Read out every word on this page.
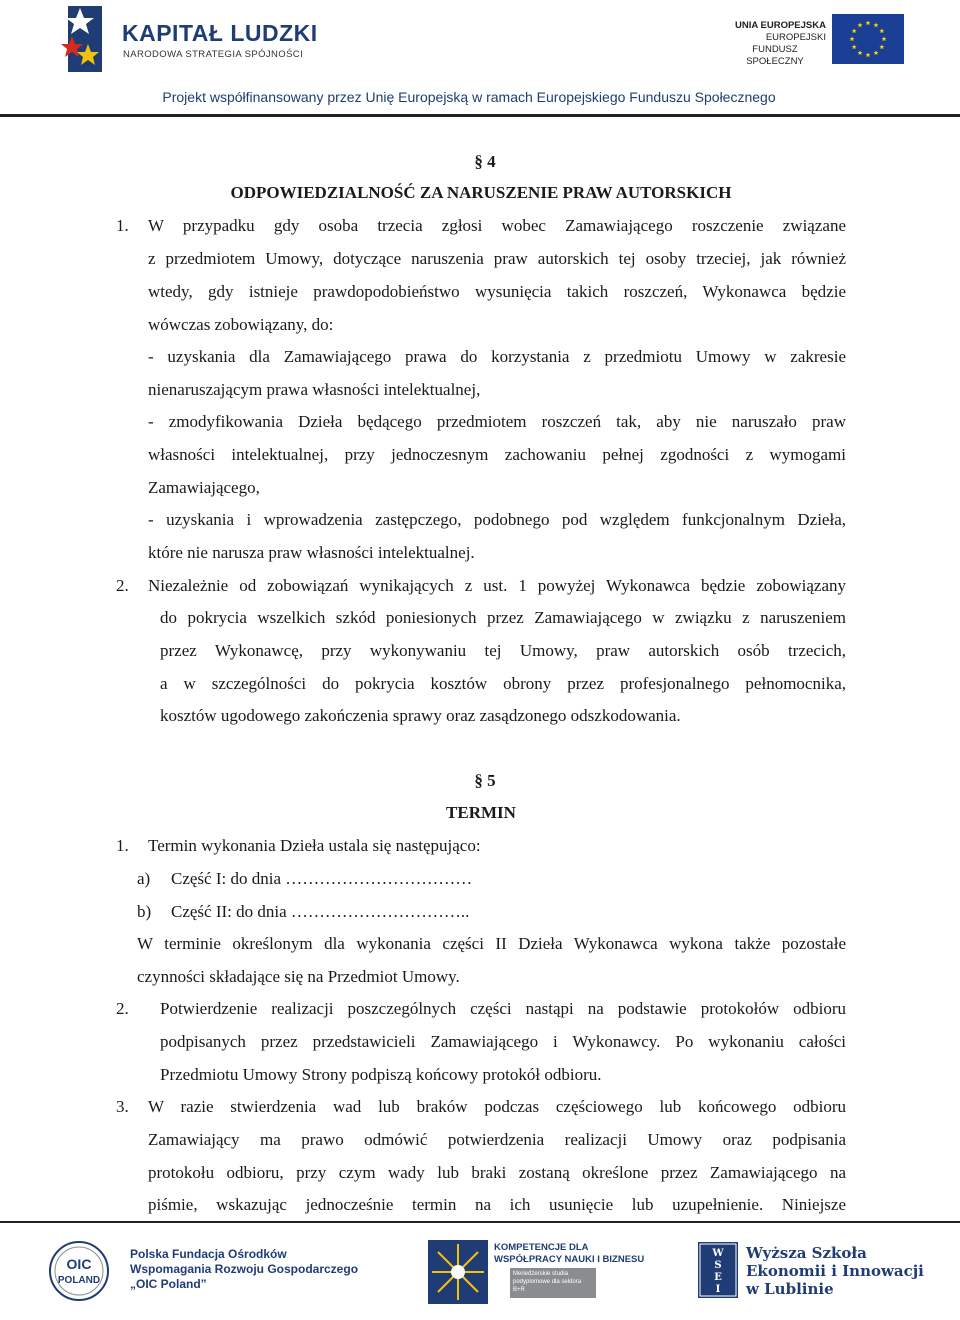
KAPITAŁ LUDZKI
NARODOWA STRATEGIA SPÓJNOŚCI
UNIA EUROPEJSKA
EUROPEJSKI
FUNDUSZ SPOŁECZNY
Projekt współfinansowany przez Unię Europejską w ramach Europejskiego Funduszu Społecznego
§ 4
ODPOWIEDZIALNOŚĆ ZA NARUSZENIE PRAW AUTORSKICH
1. W przypadku gdy osoba trzecia zgłosi wobec Zamawiającego roszczenie związane
z przedmiotem Umowy, dotyczące naruszenia praw autorskich tej osoby trzeciej, jak również
wtedy, gdy istnieje prawdopodobieństwo wysunięcia takich roszczeń, Wykonawca będzie
wówczas zobowiązany, do:
- uzyskania dla Zamawiającego prawa do korzystania z przedmiotu Umowy w zakresie
nienaruszającym prawa własności intelektualnej,
- zmodyfikowania Dzieła będącego przedmiotem roszczeń tak, aby nie naruszało praw
własności intelektualnej, przy jednoczesnym zachowaniu pełnej zgodności z wymogami
Zamawiającego,
- uzyskania i wprowadzenia zastępczego, podobnego pod względem funkcjonalnym Dzieła,
które nie narusza praw własności intelektualnej.
2. Niezależnie od zobowiązań wynikających z ust. 1 powyżej Wykonawca będzie zobowiązany
do pokrycia wszelkich szkód poniesionych przez Zamawiającego w związku z naruszeniem
przez Wykonawcę, przy wykonywaniu tej Umowy, praw autorskich osób trzecich,
a w szczególności do pokrycia kosztów obrony przez profesjonalnego pełnomocnika,
kosztów ugodowego zakończenia sprawy oraz zasądzonego odszkodowania.
§ 5
TERMIN
1. Termin wykonania Dzieła ustala się następująco:
a) Część I: do dnia ……………………………
b) Część II: do dnia …………………………..
W terminie określonym dla wykonania części II Dzieła Wykonawca wykona także pozostałe
czynności składające się na Przedmiot Umowy.
2. Potwierdzenie realizacji poszczególnych części nastąpi na podstawie protokołów odbioru
podpisanych przez przedstawicieli Zamawiającego i Wykonawcy. Po wykonaniu całości
Przedmiotu Umowy Strony podpiszą końcowy protokół odbioru.
3. W razie stwierdzenia wad lub braków podczas częściowego lub końcowego odbioru
Zamawiający ma prawo odmówić potwierdzenia realizacji Umowy oraz podpisania
protokołu odbioru, przy czym wady lub braki zostaną określone przez Zamawiającego na
piśmie, wskazując jednocześnie termin na ich usunięcie lub uzupełnienie. Niniejsze
OIC
POLAND
Polska Fundacja Ośrodków
Wspomagania Rozwoju Gospodarczego
„OIC Poland”
KOMPETENCJE DLA
WSPÓŁPRACY NAUKI I BIZNESU
Menedżerskie studia
podyplomowe dla sektora
B+R
W
S
E
I
Wyższa Szkoła
Ekonomii i Innowacji
w Lublinie
